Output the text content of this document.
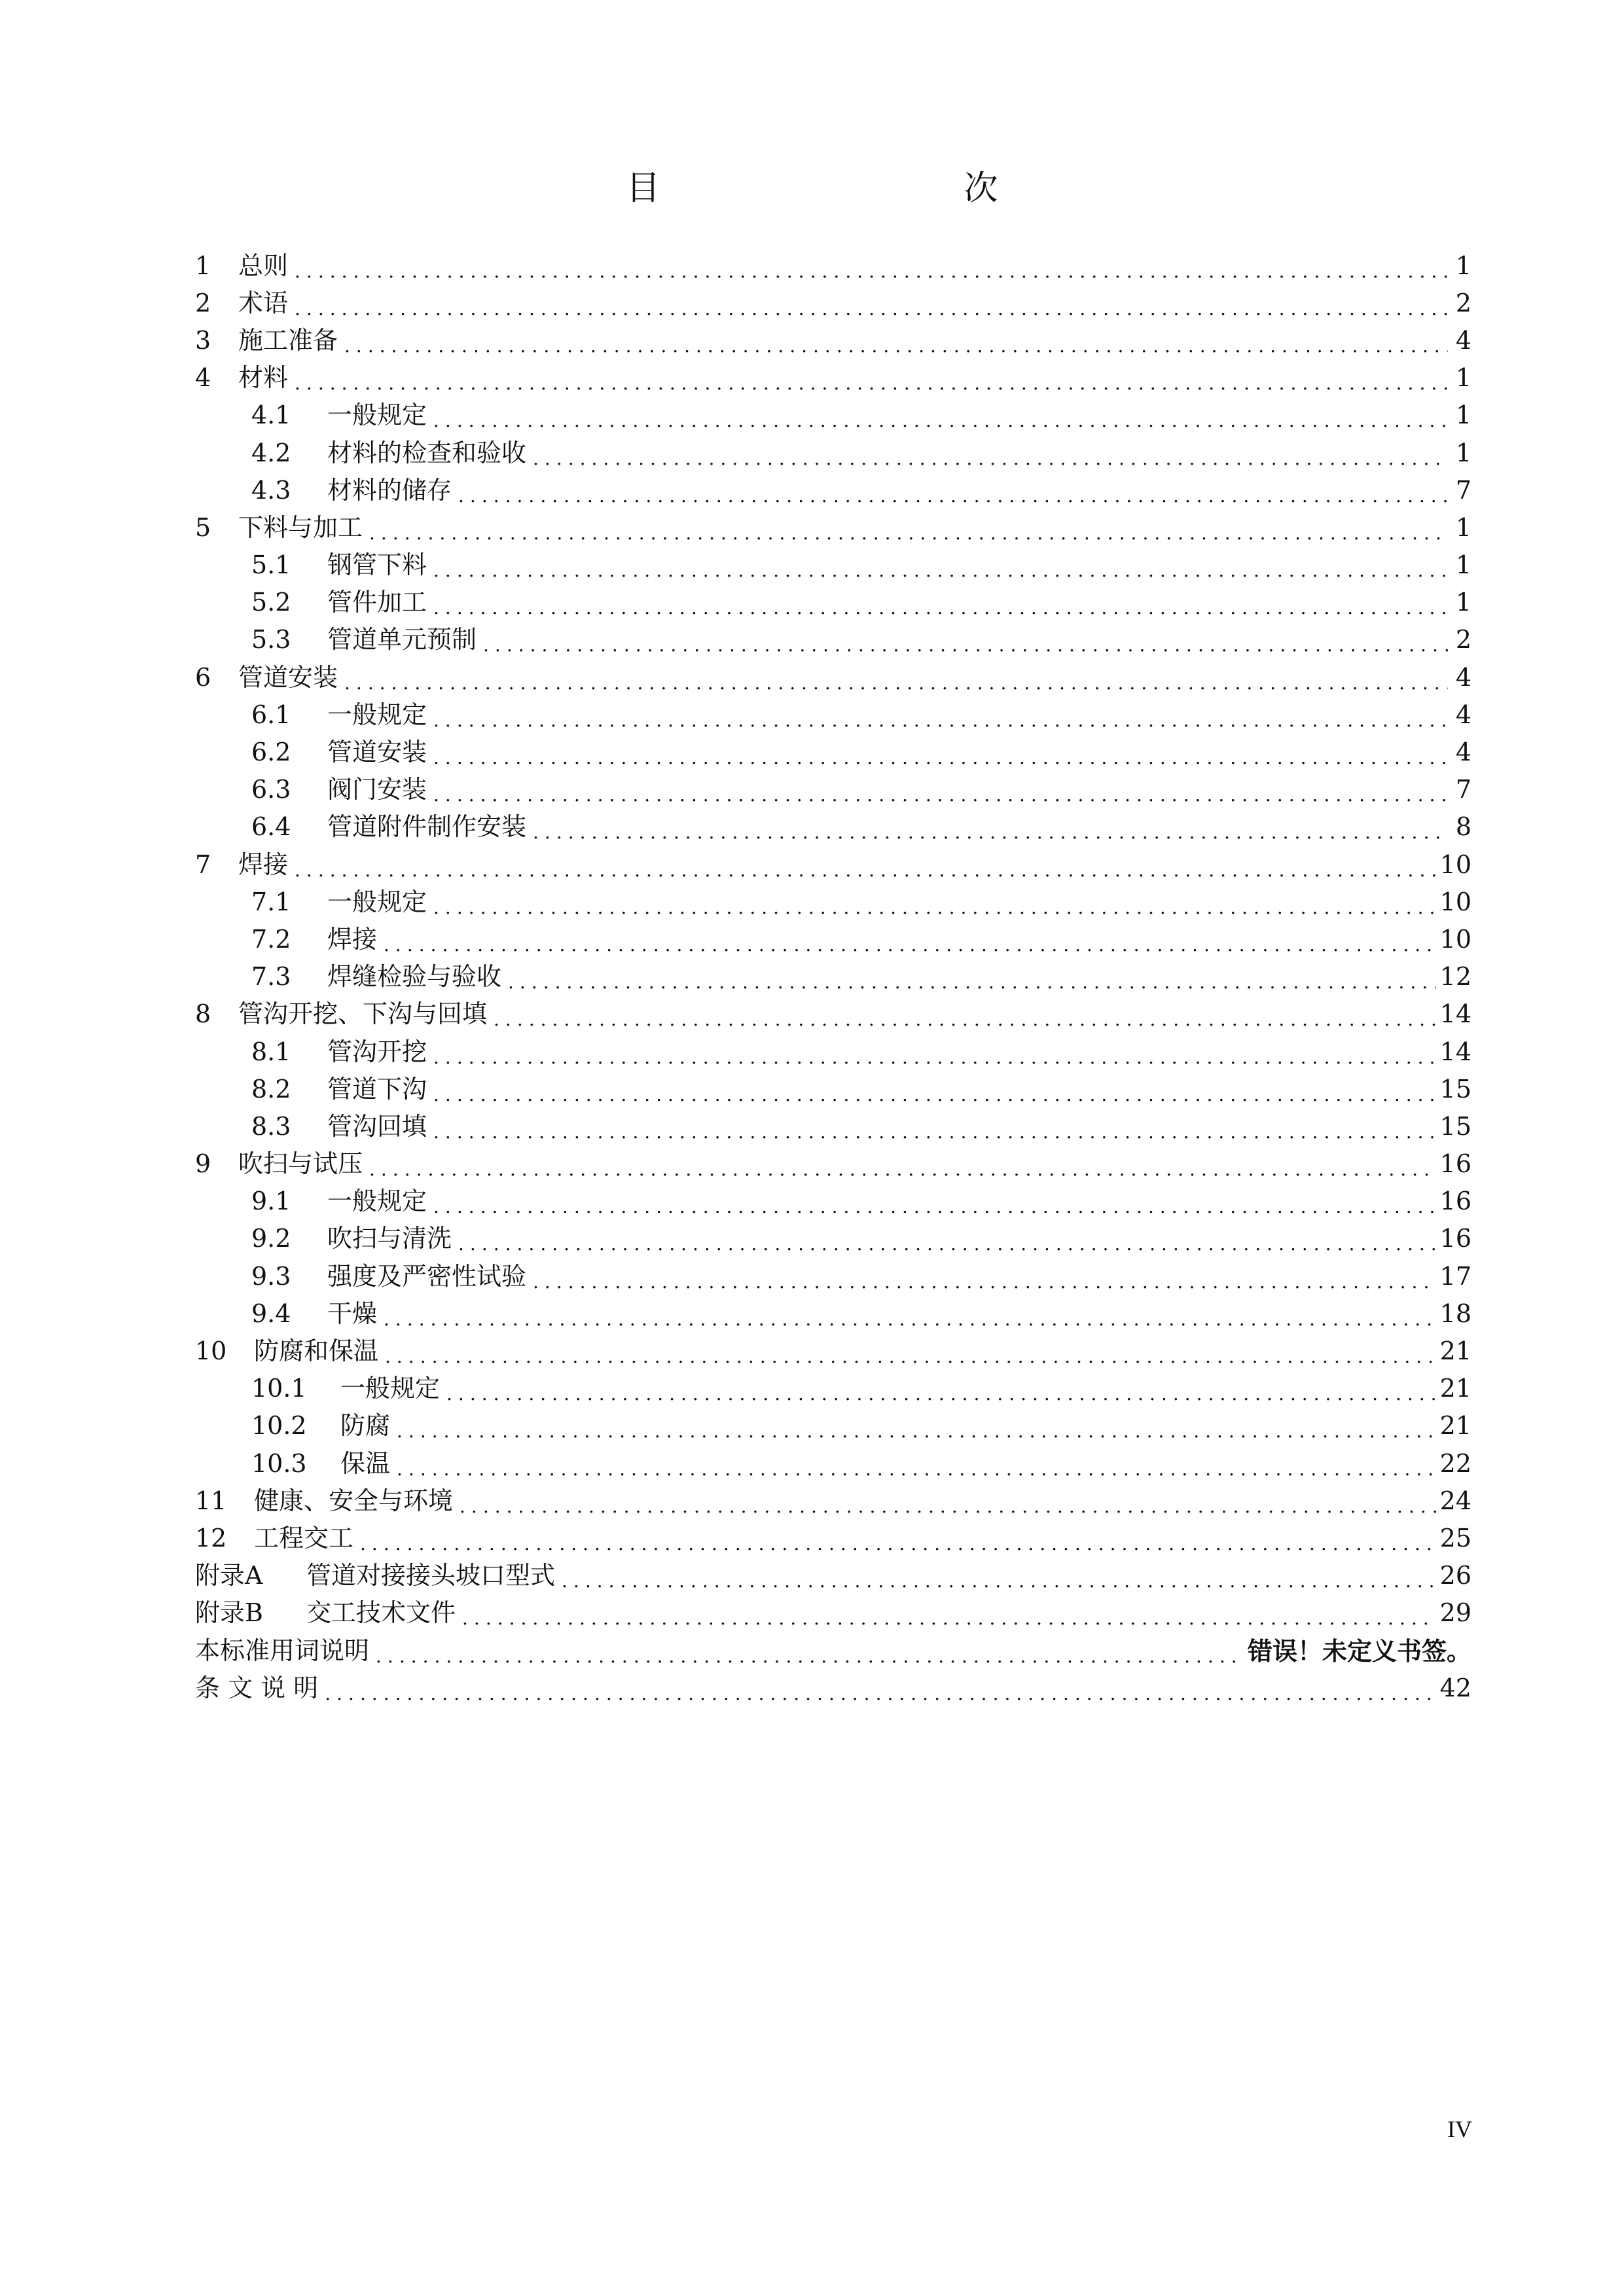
目　　次
1	总则 .....	1
2	术语 .....	2
3	施工准备 .....	4
4	材料 .....	1
4.1	一般规定 .....	1
4.2	材料的检查和验收 .....	1
4.3	材料的储存 .....	7
5	下料与加工 .....	1
5.1	钢管下料 .....	1
5.2	管件加工 .....	1
5.3	管道单元预制 .....	2
6	管道安装 .....	4
6.1	一般规定 .....	4
6.2	管道安装 .....	4
6.3	阀门安装 .....	7
6.4	管道附件制作安装 .....	8
7	焊接 .....	10
7.1	一般规定 .....	10
7.2	焊接 .....	10
7.3	焊缝检验与验收 .....	12
8	管沟开挖、下沟与回填 .....	14
8.1	管沟开挖 .....	14
8.2	管道下沟 .....	15
8.3	管沟回填 .....	15
9	吹扫与试压 .....	16
9.1	一般规定 .....	16
9.2	吹扫与清洗 .....	16
9.3	强度及严密性试验 .....	17
9.4	干燥 .....	18
10	防腐和保温 .....	21
10.1	一般规定 .....	21
10.2	防腐 .....	21
10.3	保温 .....	22
11	健康、安全与环境 .....	24
12	工程交工 .....	25
附录A	管道对接接头坡口型式 .....	26
附录B	交工技术文件 .....	29
本标准用词说明 .....	错误！未定义书签。
条 文 说 明 .....	42
IV
